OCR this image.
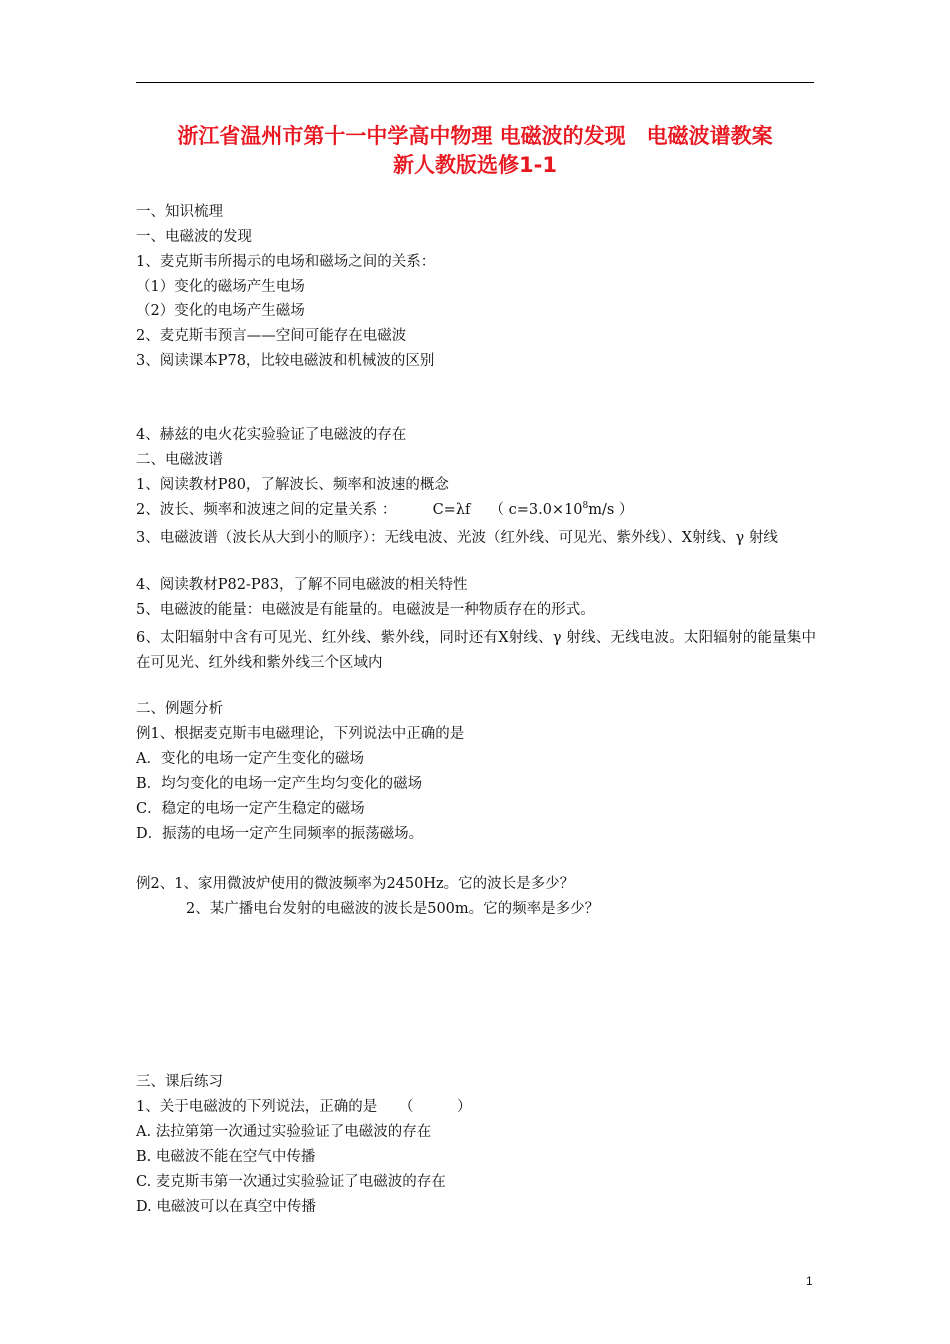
浙江省温州市第十一中学高中物理 电磁波的发现　电磁波谱教案
新人教版选修1-1
一、知识梳理
一、电磁波的发现
1、麦克斯韦所揭示的电场和磁场之间的关系：
（1）变化的磁场产生电场
（2）变化的电场产生磁场
2、麦克斯韦预言——空间可能存在电磁波
3、阅读课本P78，比较电磁波和机械波的区别
4、赫兹的电火花实验验证了电磁波的存在
二、电磁波谱
1、阅读教材P80，了解波长、频率和波速的概念
2、波长、频率和波速之间的定量关系 ：　　　C=λf　 （ $c=3.0\times 10^8m/s$ ）
3、电磁波谱（波长从大到小的顺序）：无线电波、光波（红外线、可见光、紫外线）、X射线、γ 射线
4、阅读教材P82-P83，了解不同电磁波的相关特性
5、电磁波的能量：电磁波是有能量的。电磁波是一种物质存在的形式。
6、太阳辐射中含有可见光、红外线、紫外线，同时还有X射线、γ 射线、无线电波。太阳辐射的能量集中在可见光、红外线和紫外线三个区域内
二、例题分析
例1、根据麦克斯韦电磁理论，下列说法中正确的是
A．变化的电场一定产生变化的磁场
B．均匀变化的电场一定产生均匀变化的磁场
C．稳定的电场一定产生稳定的磁场
D．振荡的电场一定产生同频率的振荡磁场。
例2、1、家用微波炉使用的微波频率为2450Hz。它的波长是多少？
2、某广播电台发射的电磁波的波长是500m。它的频率是多少？
三、课后练习
1、关于电磁波的下列说法，正确的是　　（　　　）
A. 法拉第第一次通过实验验证了电磁波的存在
B. 电磁波不能在空气中传播
C. 麦克斯韦第一次通过实验验证了电磁波的存在
D. 电磁波可以在真空中传播
1
